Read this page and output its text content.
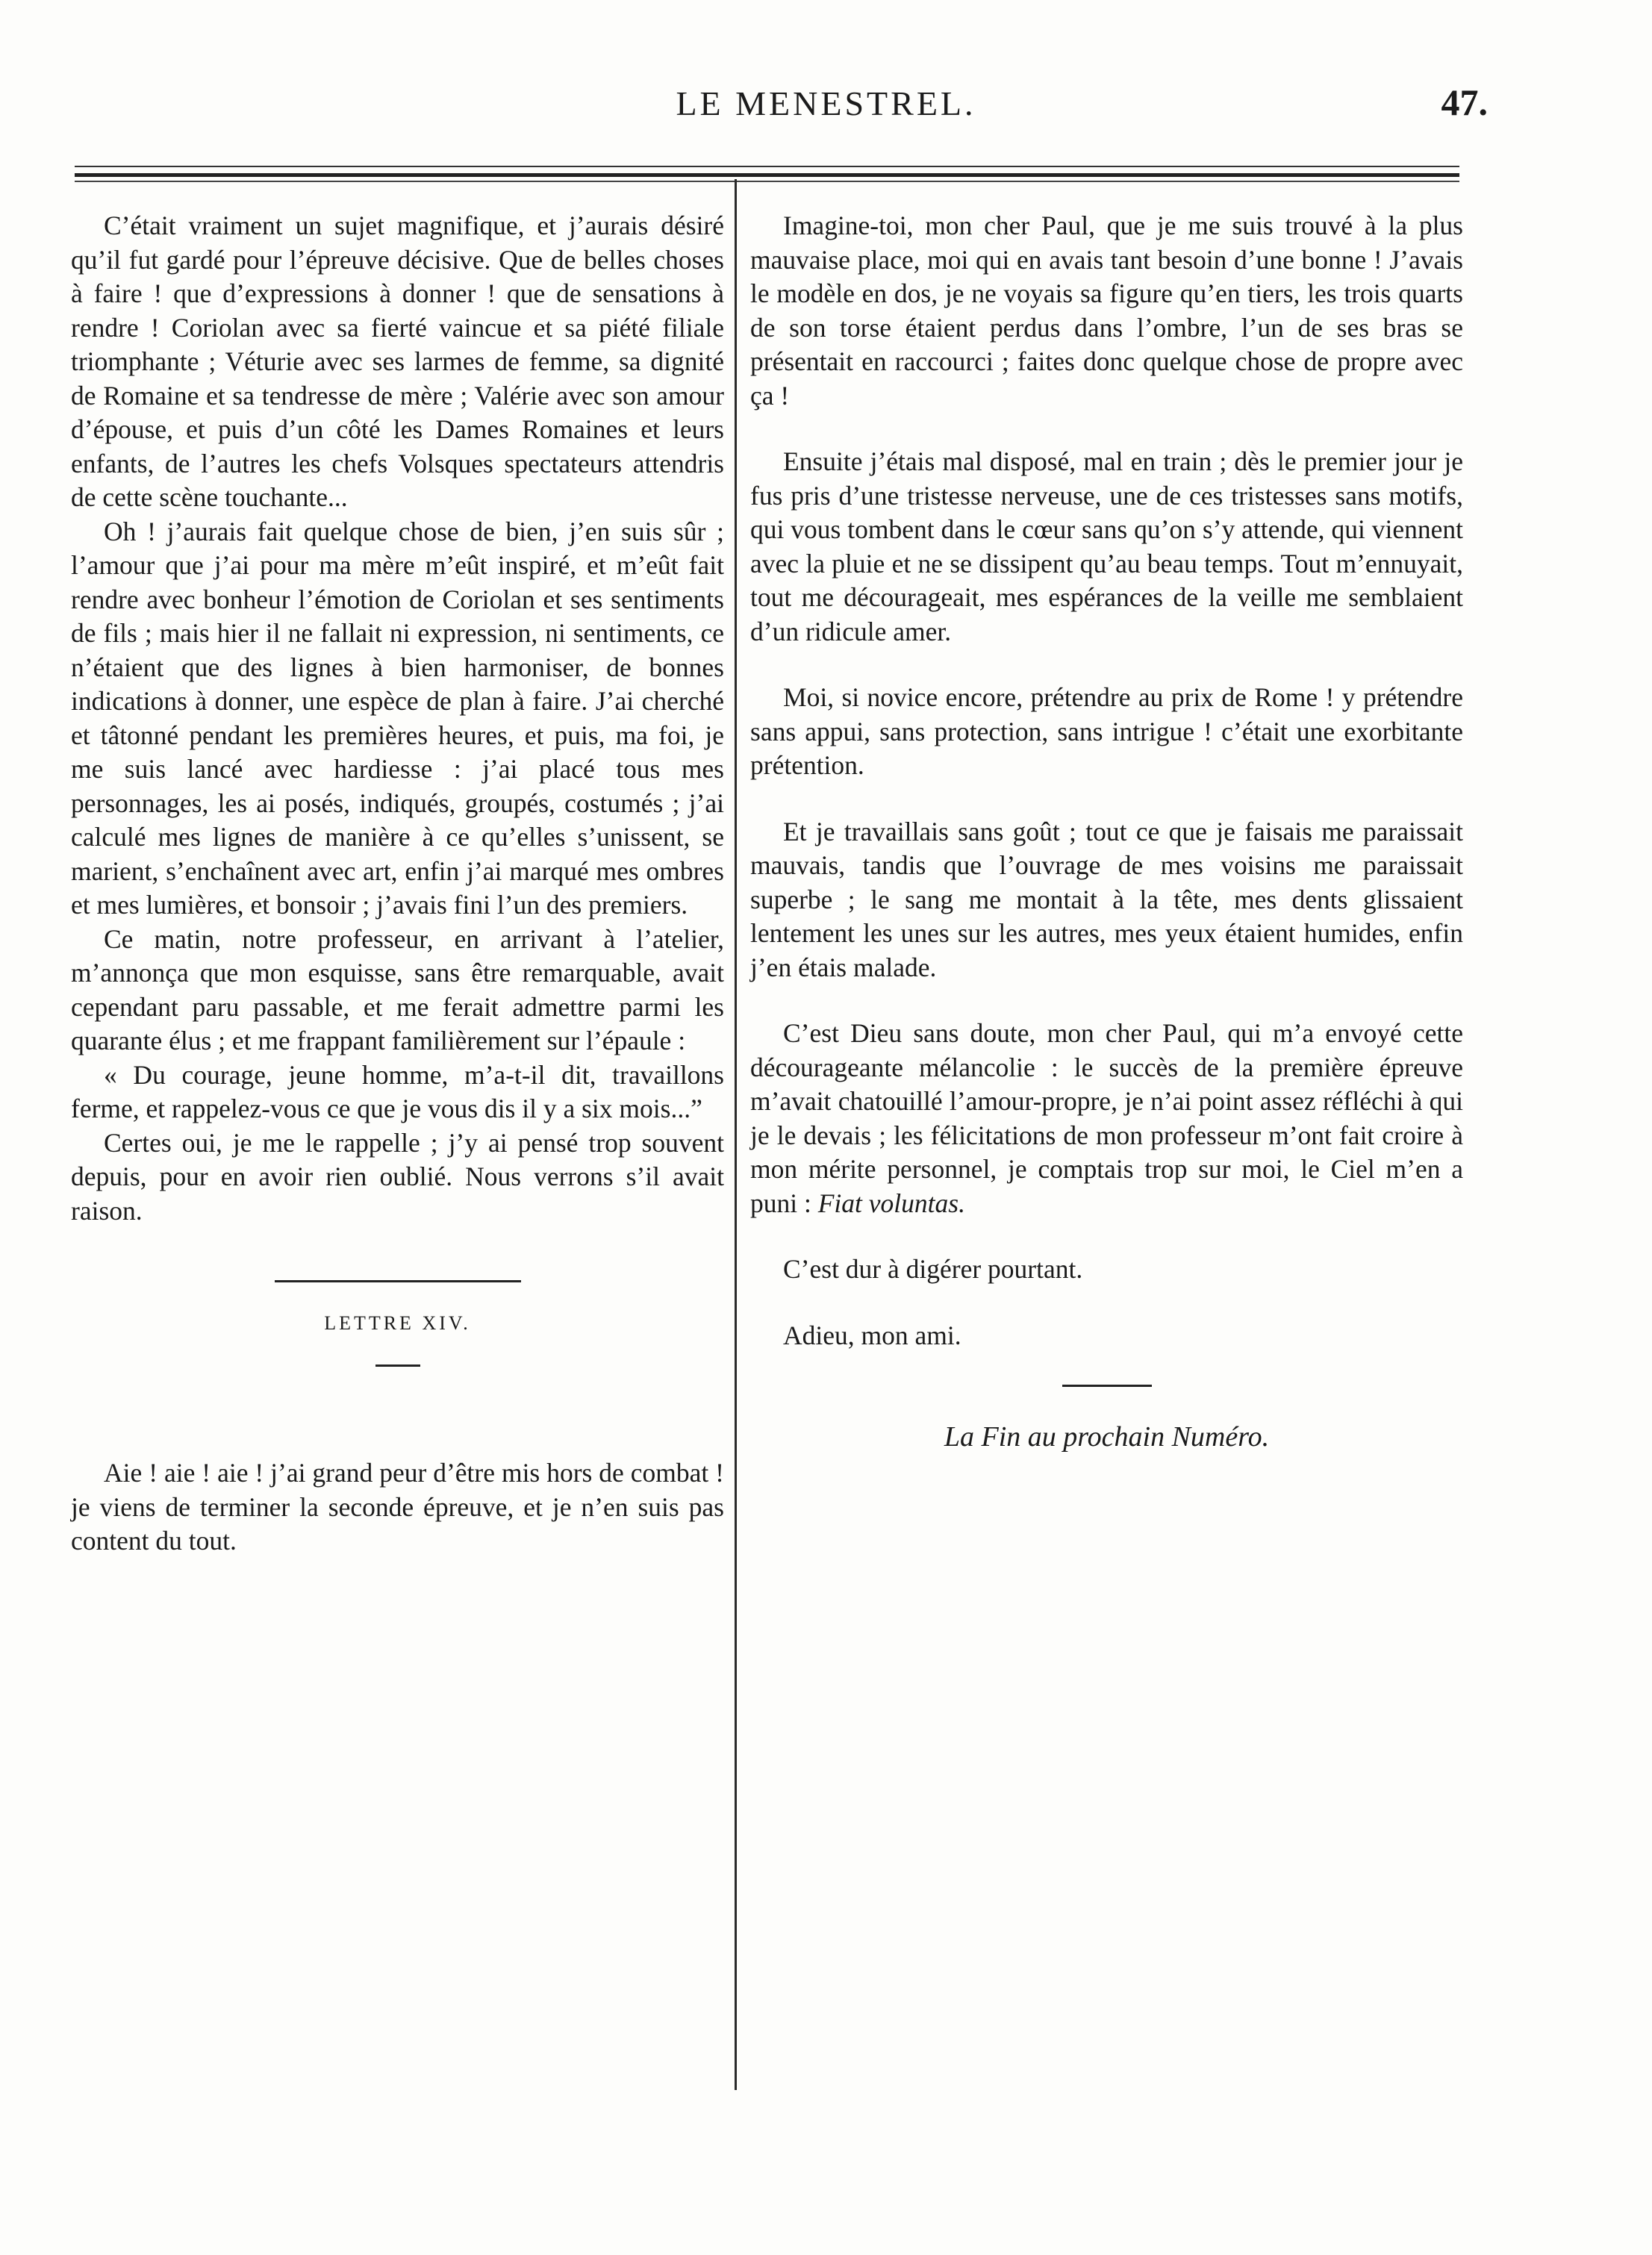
LE MENESTREL.	47.

C’était vraiment un sujet magnifique, et j’aurais désiré qu’il fut gardé pour l’épreuve décisive. Que de belles choses à faire ! que d’expressions à donner ! que de sensations à rendre ! Coriolan avec sa fierté vaincue et sa piété filiale triomphante ; Véturie avec ses larmes de femme, sa dignité de Romaine et sa tendresse de mère ; Valérie avec son amour d’épouse, et puis d’un côté les Dames Romaines et leurs enfants, de l’autres les chefs Volsques spectateurs attendris de cette scène touchante...

Oh ! j’aurais fait quelque chose de bien, j’en suis sûr ; l’amour que j’ai pour ma mère m’eût inspiré, et m’eût fait rendre avec bonheur l’émotion de Coriolan et ses sentiments de fils ; mais hier il ne fallait ni expression, ni sentiments, ce n’étaient que des lignes à bien harmoniser, de bonnes indications à donner, une espèce de plan à faire. J’ai cherché et tâtonné pendant les premières heures, et puis, ma foi, je me suis lancé avec hardiesse : j’ai placé tous mes personnages, les ai posés, indiqués, groupés, costumés ; j’ai calculé mes lignes de manière à ce qu’elles s’unissent, se marient, s’enchaînent avec art, enfin j’ai marqué mes ombres et mes lumières, et bonsoir ; j’avais fini l’un des premiers.

Ce matin, notre professeur, en arrivant à l’atelier, m’annonça que mon esquisse, sans être remarquable, avait cependant paru passable, et me ferait admettre parmi les quarante élus ; et me frappant familièrement sur l’épaule :

« Du courage, jeune homme, m’a-t-il dit, travaillons ferme, et rappelez-vous ce que je vous dis il y a six mois...”

Certes oui, je me le rappelle ; j’y ai pensé trop souvent depuis, pour en avoir rien oublié. Nous verrons s’il avait raison.

LETTRE XIV.

Aie ! aie ! aie ! j’ai grand peur d’être mis hors de combat ! je viens de terminer la seconde épreuve, et je n’en suis pas content du tout.

Imagine-toi, mon cher Paul, que je me suis trouvé à la plus mauvaise place, moi qui en avais tant besoin d’une bonne ! J’avais le modèle en dos, je ne voyais sa figure qu’en tiers, les trois quarts de son torse étaient perdus dans l’ombre, l’un de ses bras se présentait en raccourci ; faites donc quelque chose de propre avec ça !

Ensuite j’étais mal disposé, mal en train ; dès le premier jour je fus pris d’une tristesse nerveuse, une de ces tristesses sans motifs, qui vous tombent dans le cœur sans qu’on s’y attende, qui viennent avec la pluie et ne se dissipent qu’au beau temps. Tout m’ennuyait, tout me décourageait, mes espérances de la veille me semblaient d’un ridicule amer.

Moi, si novice encore, prétendre au prix de Rome ! y prétendre sans appui, sans protection, sans intrigue ! c’était une exorbitante prétention.

Et je travaillais sans goût ; tout ce que je faisais me paraissait mauvais, tandis que l’ouvrage de mes voisins me paraissait superbe ; le sang me montait à la tête, mes dents glissaient lentement les unes sur les autres, mes yeux étaient humides, enfin j’en étais malade.

C’est Dieu sans doute, mon cher Paul, qui m’a envoyé cette décourageante mélancolie : le succès de la première épreuve m’avait chatouillé l’amour-propre, je n’ai point assez réfléchi à qui je le devais ; les félicitations de mon professeur m’ont fait croire à mon mérite personnel, je comptais trop sur moi, le Ciel m’en a puni : Fiat voluntas.

C’est dur à digérer pourtant.

Adieu, mon ami.

La Fin au prochain Numéro.
